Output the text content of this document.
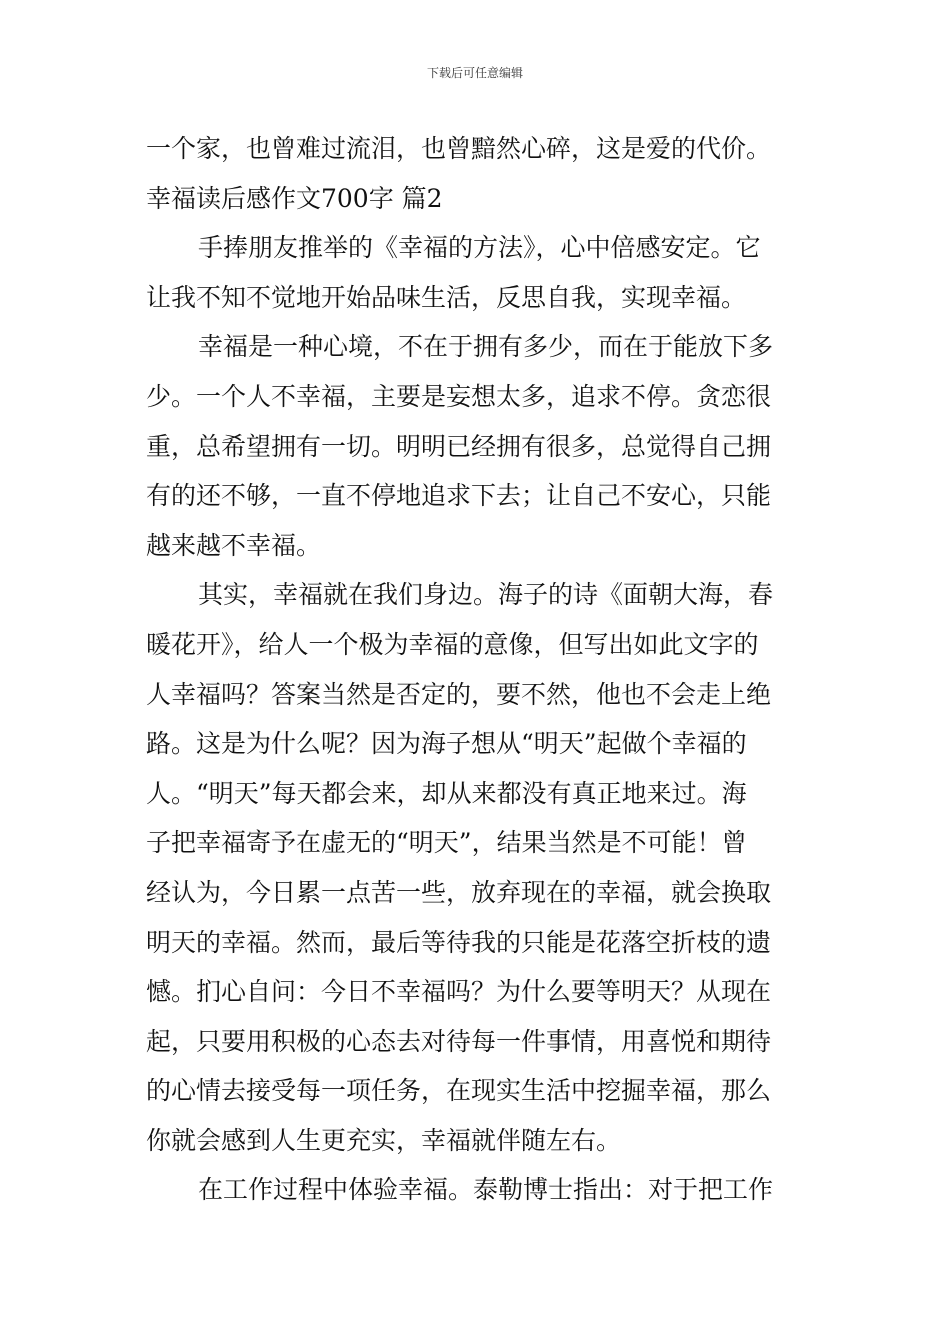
下载后可任意编辑
一个家，也曾难过流泪，也曾黯然心碎，这是爱的代价。
幸福读后感作文700字 篇2
手捧朋友推举的《幸福的方法》，心中倍感安定。它
让我不知不觉地开始品味生活，反思自我，实现幸福。
幸福是一种心境，不在于拥有多少，而在于能放下多
少。一个人不幸福，主要是妄想太多，追求不停。贪恋很
重，总希望拥有一切。明明已经拥有很多，总觉得自己拥
有的还不够，一直不停地追求下去；让自己不安心，只能
越来越不幸福。
其实，幸福就在我们身边。海子的诗《面朝大海，春
暖花开》，给人一个极为幸福的意像，但写出如此文字的
人幸福吗？答案当然是否定的，要不然，他也不会走上绝
路。这是为什么呢？因为海子想从“明天”起做个幸福的
人。“明天”每天都会来，却从来都没有真正地来过。海
子把幸福寄予在虚无的“明天”，结果当然是不可能！曾
经认为，今日累一点苦一些，放弃现在的幸福，就会换取
明天的幸福。然而，最后等待我的只能是花落空折枝的遗
憾。扪心自问：今日不幸福吗？为什么要等明天？从现在
起，只要用积极的心态去对待每一件事情，用喜悦和期待
的心情去接受每一项任务，在现实生活中挖掘幸福，那么
你就会感到人生更充实，幸福就伴随左右。
在工作过程中体验幸福。泰勒博士指出：对于把工作
